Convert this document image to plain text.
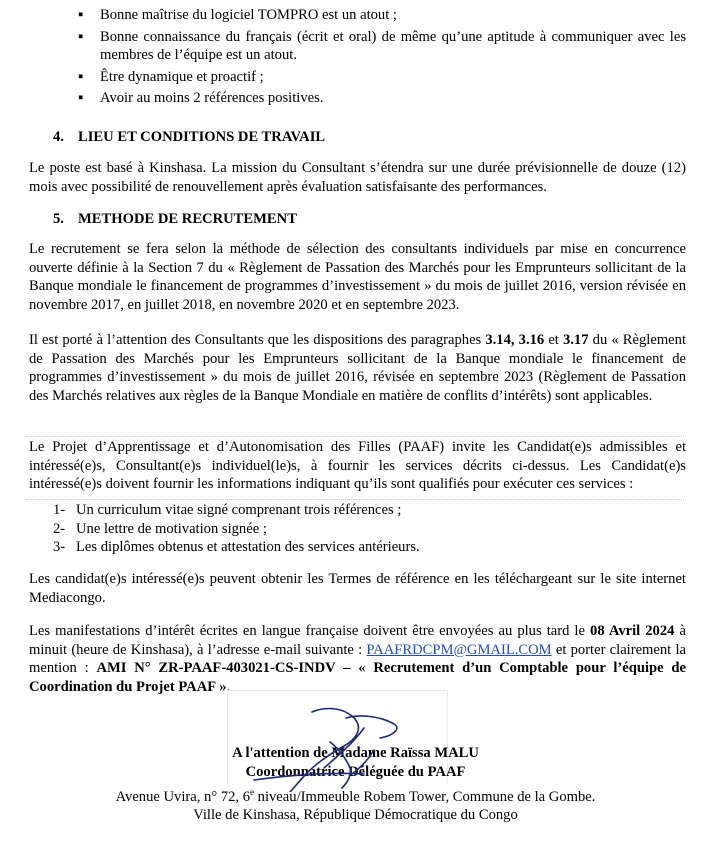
▪ Bonne maîtrise du logiciel TOMPRO est un atout ;
▪ Bonne connaissance du français (écrit et oral) de même qu’une aptitude à communiquer avec les membres de l’équipe est un atout.
▪ Être dynamique et proactif ;
▪ Avoir au moins 2 références positives.
4. LIEU ET CONDITIONS DE TRAVAIL

Le poste est basé à Kinshasa. La mission du Consultant s’étendra sur une durée prévisionnelle de douze (12) mois avec possibilité de renouvellement après évaluation satisfaisante des performances.

5. METHODE DE RECRUTEMENT

Le recrutement se fera selon la méthode de sélection des consultants individuels par mise en concurrence ouverte définie à la Section 7 du « Règlement de Passation des Marchés pour les Emprunteurs sollicitant de la Banque mondiale le financement de programmes d’investissement » du mois de juillet 2016, version révisée en novembre 2017, en juillet 2018, en novembre 2020 et en septembre 2023.

Il est porté à l’attention des Consultants que les dispositions des paragraphes 3.14, 3.16 et 3.17 du « Règlement de Passation des Marchés pour les Emprunteurs sollicitant de la Banque mondiale le financement de programmes d’investissement » du mois de juillet 2016, révisée en septembre 2023 (Règlement de Passation des Marchés relatives aux règles de la Banque Mondiale en matière de conflits d’intérêts) sont applicables.

Le Projet d’Apprentissage et d’Autonomisation des Filles (PAAF) invite les Candidat(e)s admissibles et intéressé(e)s, Consultant(e)s individuel(le)s, à fournir les services décrits ci-dessus. Les Candidat(e)s intéressé(e)s doivent fournir les informations indiquant qu’ils sont qualifiés pour exécuter ces services :

1- Un curriculum vitae signé comprenant trois références ;
2- Une lettre de motivation signée ;
3- Les diplômes obtenus et attestation des services antérieurs.

Les candidat(e)s intéressé(e)s peuvent obtenir les Termes de référence en les téléchargeant sur le site internet Mediacongo.

Les manifestations d’intérêt écrites en langue française doivent être envoyées au plus tard le 08 Avril 2024 à minuit (heure de Kinshasa), à l’adresse e-mail suivante : PAAFRDCPM@GMAIL.COM et porter clairement la mention : AMI N° ZR-PAAF-403021-CS-INDV – « Recrutement d’un Comptable pour l’équipe de Coordination du Projet PAAF ».

A l'attention de Madame Raïssa MALU
Coordonnatrice Déléguée du PAAF
Avenue Uvira, n° 72, 6e niveau/Immeuble Robem Tower, Commune de la Gombe.
Ville de Kinshasa, République Démocratique du Congo
